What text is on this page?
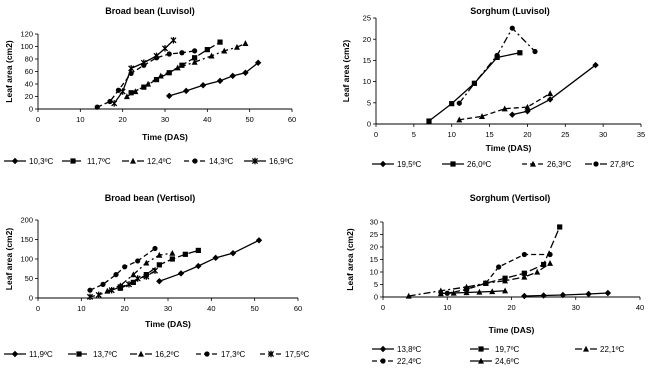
Broad bean (Luvisol)
0
20
40
60
80
100
120
0	10	20	30	40	50	60
Time (DAS)
Leaf area (cm2)
10,3ºC	11,7ºC	12,4ºC	14,3ºC	16,9ºC
Sorghum (Luvisol)
0
5
10
15
20
25
0	5	10	15	20	25	30	35
Time (DAS)
Leaf area (cm2)
19,5ºC	26,0ºC	26,3ºC	27,8ºC
Broad bean (Vertisol)
0
50
100
150
200
0	10	20	30	40	50	60
Time (DAS)
Leaf area (cm2)
11,9ºC	13,7ºC	16,2ºC	17,3ºC	17,5ºC
Sorghum (Vertisol)
0
5
10
15
20
25
30
0	10	20	30	40
Time (DAS)
Leaf area (cm2)
13,8ºC	19,7ºC	22,1ºC
22,4ºC	24,6ºC
